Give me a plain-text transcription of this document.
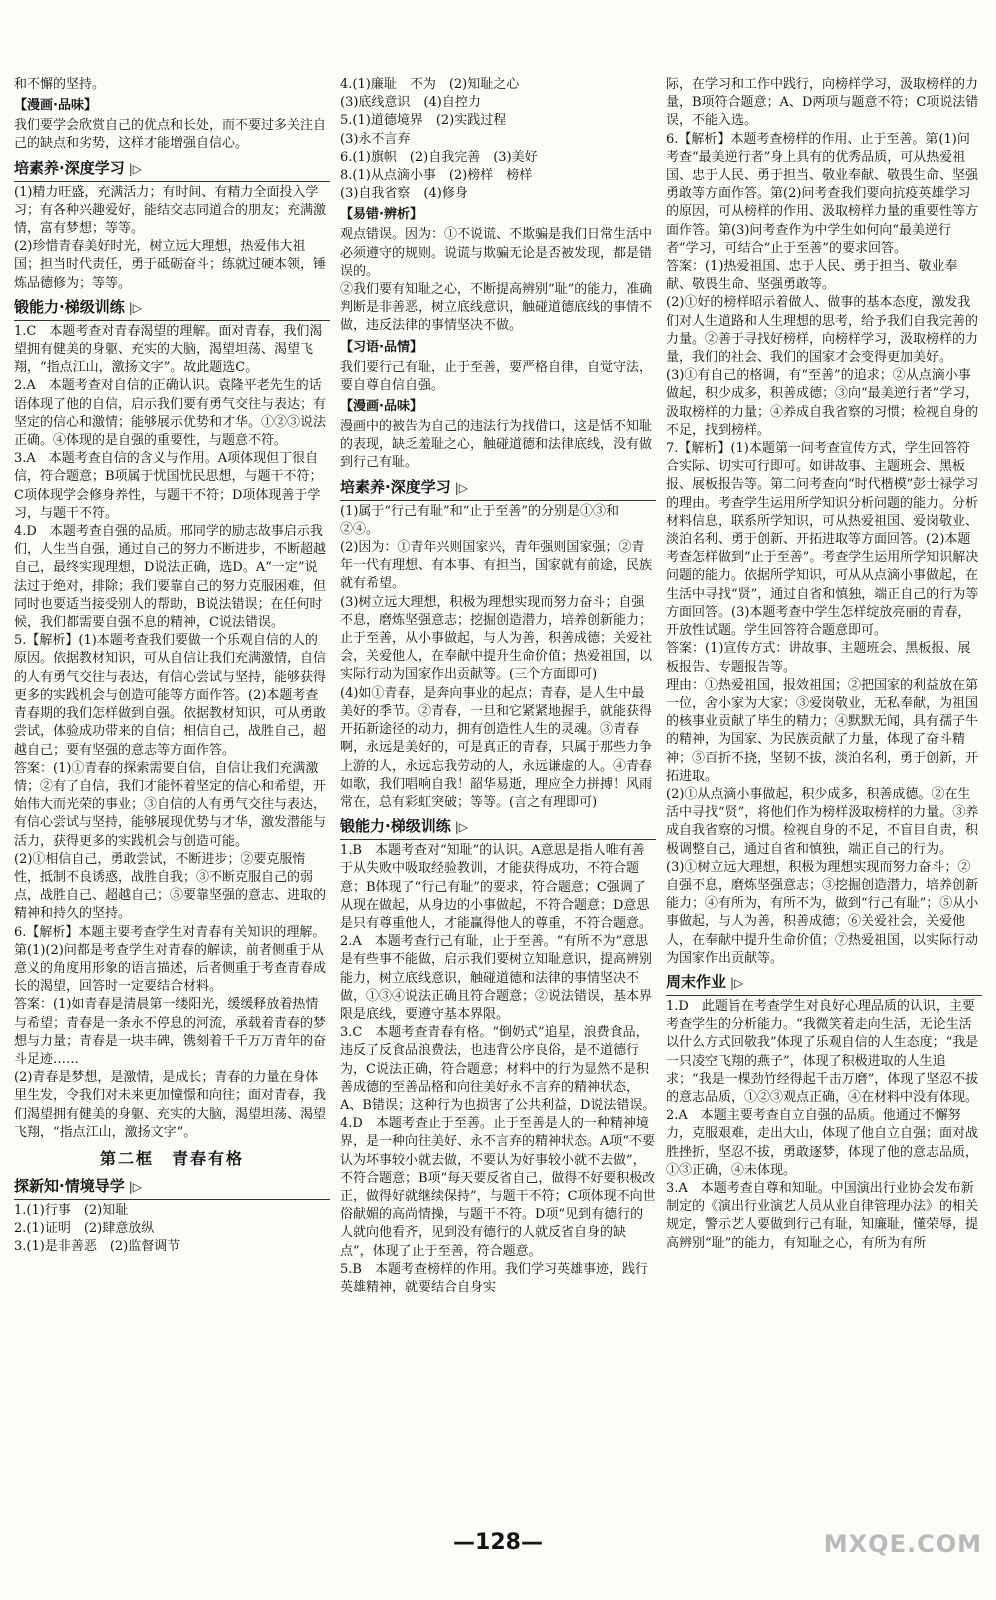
和不懈的坚持。

【漫画·品味】

我们要学会欣赏自己的优点和长处，而不要过多关注自己的缺点和劣势，这样才能增强自信心。

培素养·深度学习 |▷

(1)精力旺盛，充满活力；有时间、有精力全面投入学习；有各种兴趣爱好，能结交志同道合的朋友；充满激情，富有梦想；等等。

(2)珍惜青春美好时光，树立远大理想，热爱伟大祖国；担当时代责任，勇于砥砺奋斗；练就过硬本领，锤炼品德修为；等等。

锻能力·梯级训练 |▷

1.C　本题考查对青春渴望的理解。面对青春，我们渴望拥有健美的身躯、充实的大脑，渴望坦荡、渴望飞翔，“指点江山，激扬文字”。故此题选C。

2.A　本题考查对自信的正确认识。袁隆平老先生的话语体现了他的自信，启示我们要有勇气交往与表达；有坚定的信心和激情；能够展示优势和才华。①②③说法正确。④体现的是自强的重要性，与题意不符。

3.A　本题考查自信的含义与作用。A项体现但丁很自信，符合题意；B项属于忧国忧民思想，与题干不符；C项体现学会修身养性，与题干不符；D项体现善于学习，与题干不符。

4.D　本题考查自强的品质。邢同学的励志故事启示我们，人生当自强，通过自己的努力不断进步，不断超越自己，最终实现理想，D说法正确，选D。A“一定”说法过于绝对，排除；我们要靠自己的努力克服困难，但同时也要适当接受别人的帮助，B说法错误；在任何时候，我们都需要自强不息的精神，C说法错误。

5.【解析】(1)本题考查我们要做一个乐观自信的人的原因。依据教材知识，可从自信让我们充满激情，自信的人有勇气交往与表达，有信心尝试与坚持，能够获得更多的实践机会与创造可能等方面作答。(2)本题考查青春期的我们怎样做到自强。依据教材知识，可从勇敢尝试，体验成功带来的自信；相信自己，战胜自己，超越自己；要有坚强的意志等方面作答。

答案：(1)①青春的探索需要自信，自信让我们充满激情；②有了自信，我们才能怀着坚定的信心和希望，开始伟大而光荣的事业；③自信的人有勇气交往与表达，有信心尝试与坚持，能够展现优势与才华，激发潜能与活力，获得更多的实践机会与创造可能。

(2)①相信自己，勇敢尝试，不断进步；②要克服惰性，抵制不良诱惑，战胜自我；③不断克服自己的弱点，战胜自己、超越自己；⑤要靠坚强的意志、进取的精神和持久的坚持。

6.【解析】本题主要考查学生对青春有关知识的理解。第(1)(2)问都是考查学生对青春的解读，前者侧重于从意义的角度用形象的语言描述，后者侧重于考查青春成长的渴望，回答时一定要结合材料。

答案：(1)如青春是清晨第一缕阳光，缓缓释放着热情与希望；青春是一条永不停息的河流，承载着青春的梦想与力量；青春是一块丰碑，镌刻着千千万万青年的奋斗足迹……

(2)青春是梦想，是激情，是成长；青春的力量在身体里生发，令我们对未来更加憧憬和向往；面对青春，我们渴望拥有健美的身躯、充实的大脑，渴望坦荡、渴望飞翔，“指点江山，激扬文字”。

第二框　青春有格
探新知·情境导学 |▷

1.(1)行事　(2)知耻

2.(1)证明　(2)肆意放纵

3.(1)是非善恶　(2)监督调节

4.(1)廉耻　不为　(2)知耻之心

(3)底线意识　(4)自控力

5.(1)道德境界　(2)实践过程

(3)永不言弃

6.(1)旗帜　(2)自我完善　(3)美好

8.(1)从点滴小事　(2)榜样　榜样

(3)自我省察　(4)修身

【易错·辨析】

观点错误。因为：①不说谎、不欺骗是我们日常生活中必须遵守的规则。说谎与欺骗无论是否被发现，都是错误的。

②我们要有知耻之心，不断提高辨别“耻”的能力，准确判断是非善恶，树立底线意识，触碰道德底线的事情不做，违反法律的事情坚决不做。

【习语·品情】

我们要行己有耻，止于至善，要严格自律，自觉守法，要自尊自信自强。

【漫画·品味】

漫画中的被告为自己的违法行为找借口，这是恬不知耻的表现，缺乏羞耻之心，触碰道德和法律底线，没有做到行己有耻。

培素养·深度学习 |▷

(1)属于“行己有耻”和“止于至善”的分别是①③和②④。

(2)因为：①青年兴则国家兴，青年强则国家强；②青年一代有理想、有本事、有担当，国家就有前途，民族就有希望。

(3)树立远大理想，积极为理想实现而努力奋斗；自强不息，磨炼坚强意志；挖掘创造潜力，培养创新能力；止于至善，从小事做起，与人为善，积善成德；关爱社会，关爱他人，在奉献中提升生命价值；热爱祖国，以实际行动为国家作出贡献等。(三个方面即可)

(4)如①青春，是奔向事业的起点；青春，是人生中最美好的季节。②青春，一旦和它紧紧地握手，就能获得开拓新途径的动力，拥有创造性人生的灵魂。③青春啊，永远是美好的，可是真正的青春，只属于那些力争上游的人，永远忘我劳动的人，永远谦虚的人。④青春如歌，我们唱响自我！韶华易逝，理应全力拼搏！风雨常在，总有彩虹突破；等等。(言之有理即可)

锻能力·梯级训练 |▷

1.B　本题考查对“知耻”的认识。A意思是指人唯有善于从失败中吸取经验教训，才能获得成功，不符合题意；B体现了“行己有耻”的要求，符合题意；C强调了从现在做起，从身边的小事做起，不符合题意；D意思是只有尊重他人，才能赢得他人的尊重，不符合题意。

2.A　本题考查行己有耻，止于至善。“有所不为”意思是有些事不能做，启示我们要树立知耻意识，提高辨别能力，树立底线意识，触碰道德和法律的事情坚决不做，①③④说法正确且符合题意；②说法错误，基本界限是底线，要遵守基本界限。

3.C　本题考查青春有格。“倒奶式”追星，浪费食品，违反了反食品浪费法，也违背公序良俗，是不道德行为，C说法正确，符合题意；材料中的行为显然不是积善成德的至善品格和向往美好永不言弃的精神状态，A、B错误；这种行为也损害了公共利益，D说法错误。

4.D　本题考查止于至善。止于至善是人的一种精神境界，是一种向往美好、永不言弃的精神状态。A项“不要认为坏事较小就去做，不要认为好事较小就不去做”，不符合题意；B项“每天要反省自己，做得不好要积极改正，做得好就继续保持”，与题干不符；C项体现不向世俗献媚的高尚情操，与题干不符。D项“见到有德行的人就向他看齐，见到没有德行的人就反省自身的缺点”，体现了止于至善，符合题意。

5.B　本题考查榜样的作用。我们学习英雄事迹，践行英雄精神，就要结合自身实

际，在学习和工作中践行，向榜样学习，汲取榜样的力量，B项符合题意；A、D两项与题意不符；C项说法错误，不能入选。

6.【解析】本题考查榜样的作用、止于至善。第(1)问考查“最美逆行者”身上具有的优秀品质，可从热爱祖国、忠于人民、勇于担当、敬业奉献、敬畏生命、坚强勇敢等方面作答。第(2)问考查我们要向抗疫英雄学习的原因，可从榜样的作用、汲取榜样力量的重要性等方面作答。第(3)问考查作为中学生如何向“最美逆行者”学习，可结合“止于至善”的要求回答。

答案：(1)热爱祖国、忠于人民、勇于担当、敬业奉献、敬畏生命、坚强勇敢等。

(2)①好的榜样昭示着做人、做事的基本态度，激发我们对人生道路和人生理想的思考，给予我们自我完善的力量。②善于寻找好榜样，向榜样学习，汲取榜样的力量，我们的社会、我们的国家才会变得更加美好。

(3)①有自己的格调，有“至善”的追求；②从点滴小事做起，积少成多，积善成德；③向“最美逆行者”学习，汲取榜样的力量；④养成自我省察的习惯；检视自身的不足，找到榜样。

7.【解析】(1)本题第一问考查宣传方式，学生回答符合实际、切实可行即可。如讲故事、主题班会、黑板报、展板报告等。第二问考查向“时代楷模”彭士禄学习的理由。考查学生运用所学知识分析问题的能力。分析材料信息，联系所学知识，可从热爱祖国、爱岗敬业、淡泊名利、勇于创新、开拓进取等方面回答。(2)本题考查怎样做到“止于至善”。考查学生运用所学知识解决问题的能力。依据所学知识，可从从点滴小事做起，在生活中寻找“贤”，通过自省和慎独，端正自己的行为等方面回答。(3)本题考查中学生怎样绽放亮丽的青春，开放性试题。学生回答符合题意即可。

答案：(1)宣传方式：讲故事、主题班会、黑板报、展板报告、专题报告等。

理由：①热爱祖国，报效祖国；②把国家的利益放在第一位，舍小家为大家；③爱岗敬业，无私奉献，为祖国的核事业贡献了毕生的精力；④默默无闻，具有孺子牛的精神，为国家、为民族贡献了力量，体现了奋斗精神；⑤百折不挠，坚韧不拔，淡泊名利，勇于创新，开拓进取。

(2)①从点滴小事做起，积少成多，积善成德。②在生活中寻找“贤”，将他们作为榜样汲取榜样的力量。③养成自我省察的习惯。检视自身的不足，不盲目自责，积极调整自己，通过自省和慎独，端正自己的行为。

(3)①树立远大理想，积极为理想实现而努力奋斗；②自强不息，磨炼坚强意志；③挖掘创造潜力，培养创新能力；④有所为，有所不为，做到“行己有耻”；⑤从小事做起，与人为善，积善成德；⑥关爱社会，关爱他人，在奉献中提升生命价值；⑦热爱祖国，以实际行动为国家作出贡献等。

周末作业 |▷

1.D　此题旨在考查学生对良好心理品质的认识，主要考查学生的分析能力。“我微笑着走向生活，无论生活以什么方式回敬我”体现了乐观自信的人生态度；“我是一只凌空飞翔的燕子”，体现了积极进取的人生追求；“我是一棵劲竹经得起千击万磨”，体现了坚忍不拔的意志品质，①②③观点正确，④在材料中没有体现。

2.A　本题主要考查自立自强的品质。他通过不懈努力，克服艰难，走出大山，体现了他自立自强；面对战胜挫折，坚忍不拔，勇敢逐梦，体现了他的意志品质，①③正确，④未体现。

3.A　本题考查自尊和知耻。中国演出行业协会发布新制定的《演出行业演艺人员从业自律管理办法》的相关规定，警示艺人要做到行己有耻，知廉耻，懂荣辱，提高辨别“耻”的能力，有知耻之心，有所为有所

—128—	MXQE.COM
